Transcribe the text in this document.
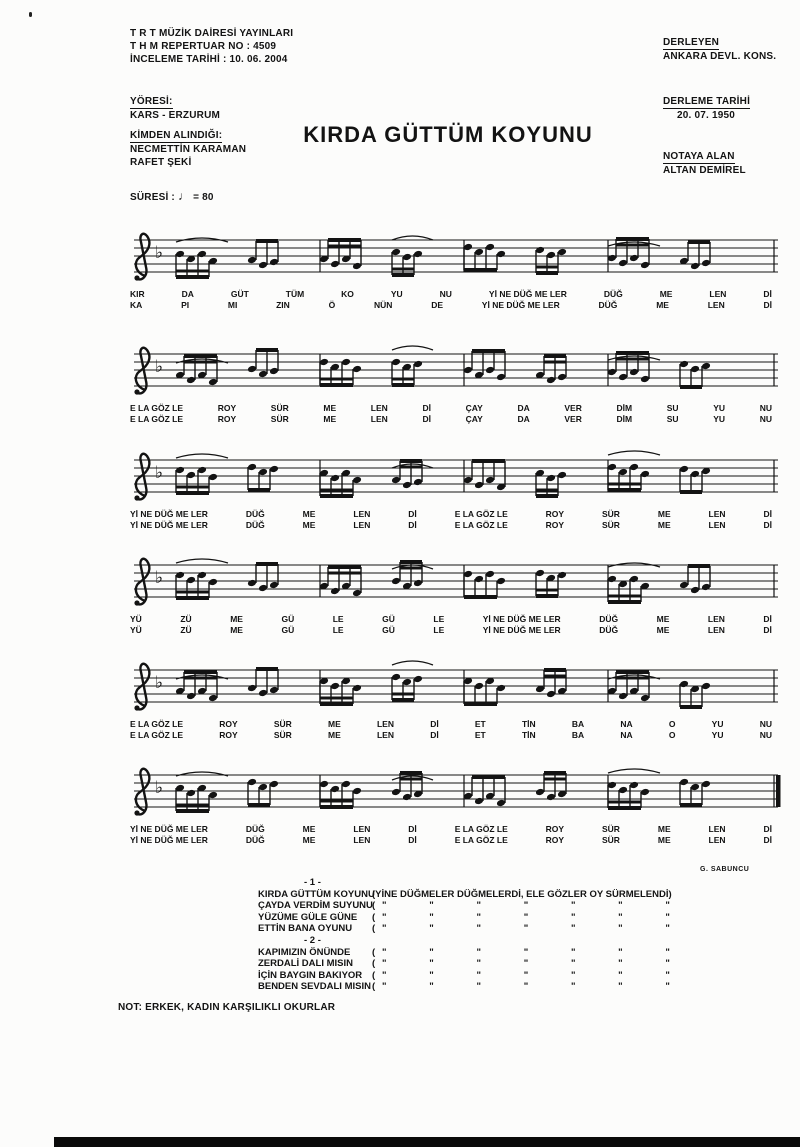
T R T MÜZİK DAİRESİ YAYINLARI
T H M REPERTUAR NO : 4509
İNCELEME TARİHİ : 10. 06. 2004
DERLEYEN
ANKARA DEVL. KONS.
YÖRESİ:
KARS - ERZURUM
DERLEME TARİHİ
20. 07. 1950
KİMDEN ALINDIĞI:
NECMETTİN KARAMAN
RAFET ŞEKİ
KIRDA GÜTTÜM KOYUNU
NOTAYA ALAN
ALTAN DEMİREL
SÜRESİ : ♩ = 80
♭
KIR	DA	GÜT	TÜM	KO	YU	NU	Yİ NE DÜĞ ME LER	DÜĞ	ME	LEN	Dİ
KA	PI	MI	ZIN	Ö	NÜN	DE	Yİ NE DÜĞ ME LER	DÜĞ	ME	LEN	Dİ
♭
E LA GÖZ LE	ROY	SÜR	ME	LEN	Dİ	ÇAY	DA	VER	DİM	SU	YU	NU
E LA GÖZ LE	ROY	SÜR	ME	LEN	Dİ	ÇAY	DA	VER	DİM	SU	YU	NU
♭
Yİ NE DÜĞ ME LER	DÜĞ	ME	LEN	Dİ	E LA GÖZ LE	ROY	SÜR	ME	LEN	Dİ
Yİ NE DÜĞ ME LER	DÜĞ	ME	LEN	Dİ	E LA GÖZ LE	ROY	SÜR	ME	LEN	Dİ
♭
YÜ	ZÜ	ME	GÜ	LE	GÜ	LE	Yİ NE DÜĞ ME LER	DÜĞ	ME	LEN	Dİ
YÜ	ZÜ	ME	GÜ	LE	GÜ	LE	Yİ NE DÜĞ ME LER	DÜĞ	ME	LEN	Dİ
♭
E LA GÖZ LE	ROY	SÜR	ME	LEN	Dİ	ET	TİN	BA	NA	O	YU	NU
E LA GÖZ LE	ROY	SÜR	ME	LEN	Dİ	ET	TİN	BA	NA	O	YU	NU
♭
Yİ NE DÜĞ ME LER	DÜĞ	ME	LEN	Dİ	E LA GÖZ LE	ROY	SÜR	ME	LEN	Dİ
Yİ NE DÜĞ ME LER	DÜĞ	ME	LEN	Dİ	E LA GÖZ LE	ROY	SÜR	ME	LEN	Dİ
G. SABUNCU
- 1 -
KIRDA GÜTTÜM KOYUNU
(YİNE DÜĞMELER DÜĞMELERDİ, ELE GÖZLER OY SÜRMELENDİ)
ÇAYDA VERDİM SUYUNU ( "	"	"	"	"	"	"
YÜZÜME GÜLE GÜNE	( "	"	"	"	"	"	"
ETTİN BANA OYUNU	( "	"	"	"	"	"	"
- 2 -
KAPIMIZIN ÖNÜNDE	( "	"	"	"	"	"	"
ZERDALİ DALI MISIN	( "	"	"	"	"	"	"
İÇİN BAYGIN BAKIYOR	( "	"	"	"	"	"	"
BENDEN SEVDALI MISIN ( "	"	"	"	"	"	"
NOT: ERKEK, KADIN KARŞILIKLI OKURLAR
